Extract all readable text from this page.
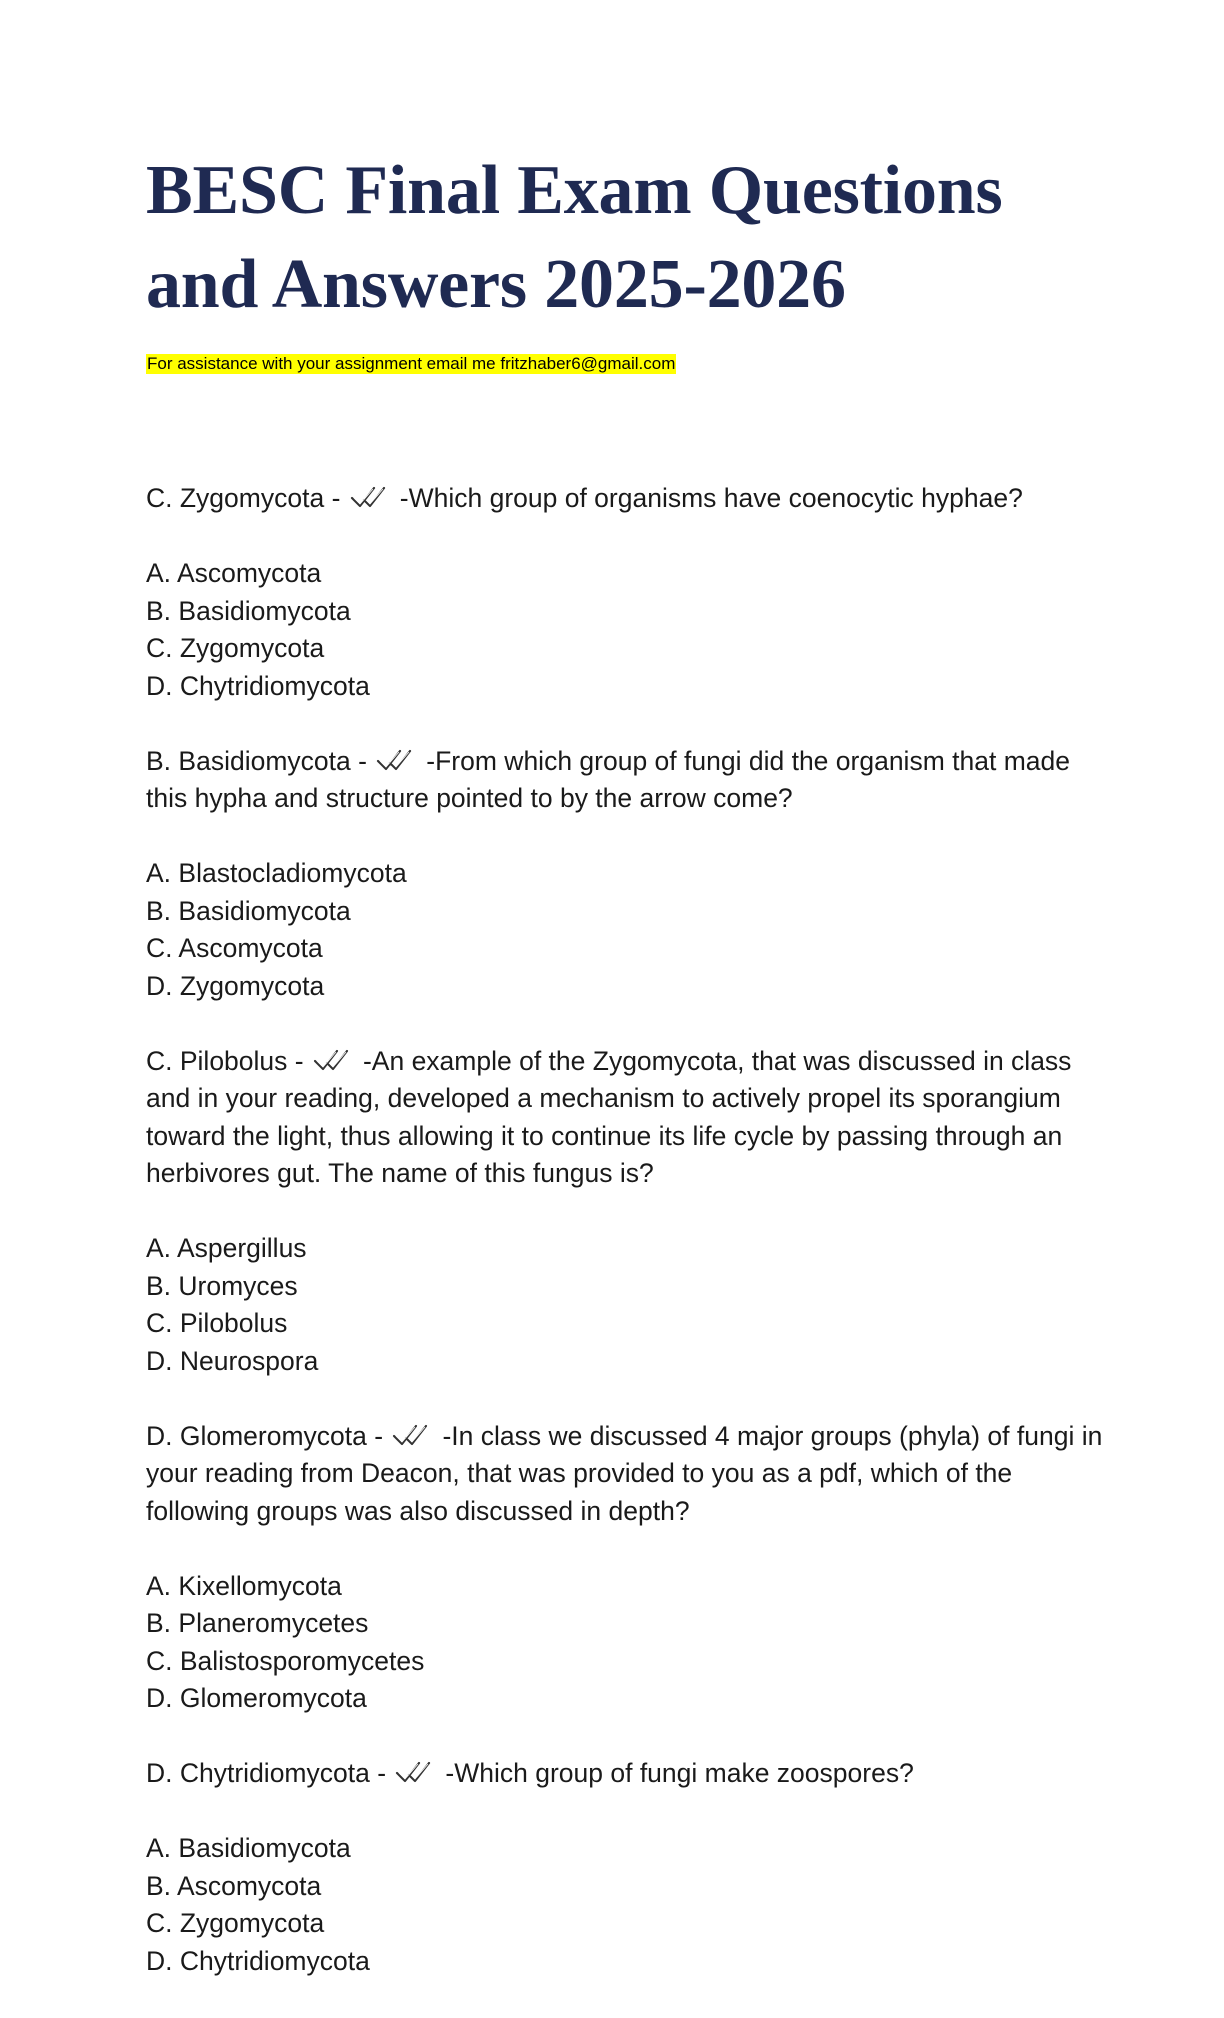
BESC Final Exam Questions
and Answers 2025-2026
For assistance with your assignment email me fritzhaber6@gmail.com
C. Zygomycota -
-Which group of organisms have coenocytic hyphae?
A. Ascomycota
B. Basidiomycota
C. Zygomycota
D. Chytridiomycota
B. Basidiomycota -
-From which group of fungi did the organism that made this hypha and structure pointed to by the arrow come?
A. Blastocladiomycota
B. Basidiomycota
C. Ascomycota
D. Zygomycota
C. Pilobolus -
-An example of the Zygomycota, that was discussed in class and in your reading, developed a mechanism to actively propel its sporangium toward the light, thus allowing it to continue its life cycle by passing through an herbivores gut. The name of this fungus is?
A. Aspergillus
B. Uromyces
C. Pilobolus
D. Neurospora
D. Glomeromycota -
-In class we discussed 4 major groups (phyla) of fungi in your reading from Deacon, that was provided to you as a pdf, which of the following groups was also discussed in depth?
A. Kixellomycota
B. Planeromycetes
C. Balistosporomycetes
D. Glomeromycota
D. Chytridiomycota -
-Which group of fungi make zoospores?
A. Basidiomycota
B. Ascomycota
C. Zygomycota
D. Chytridiomycota
